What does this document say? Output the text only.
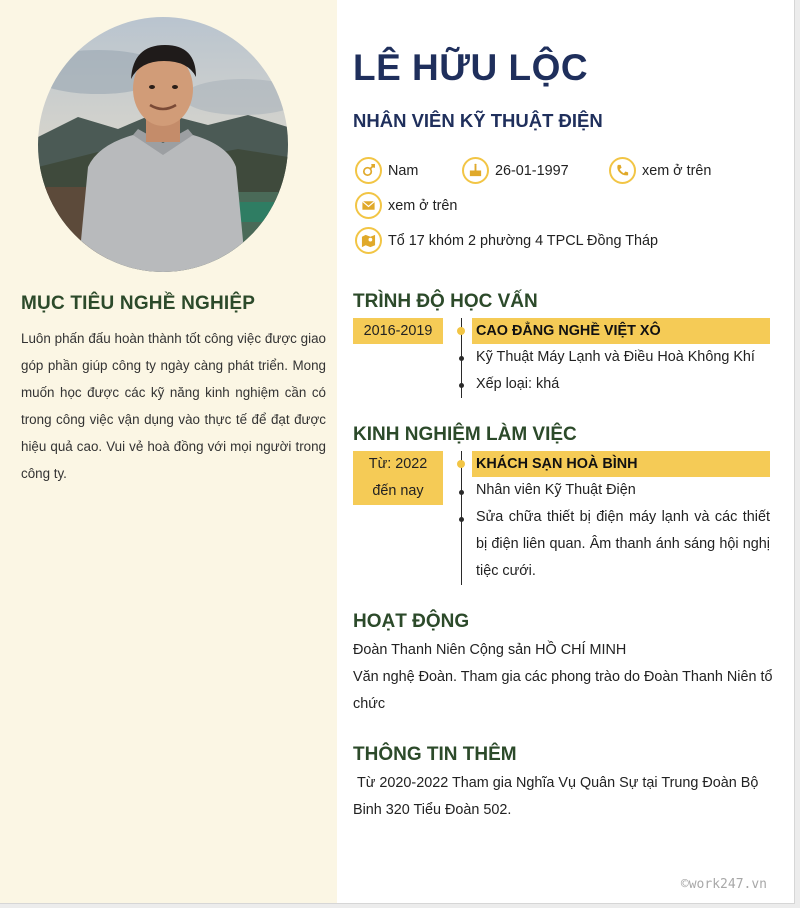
MỤC TIÊU NGHỀ NGHIỆP
Luôn phấn đấu hoàn thành tốt công việc được giao góp phần giúp công ty ngày càng phát triển. Mong muốn học được các kỹ năng kinh nghiệm cần có trong công việc vận dụng vào thực tế để đạt được hiệu quả cao. Vui vẻ hoà đồng với mọi người trong công ty.
LÊ HỮU LỘC
NHÂN VIÊN KỸ THUẬT ĐIỆN
Nam	26-01-1997	xem ở trên
xem ở trên
Tổ 17 khóm 2 phường 4 TPCL Đồng Tháp
TRÌNH ĐỘ HỌC VẤN
2016-2019	CAO ĐẲNG NGHỀ VIỆT XÔ
Kỹ Thuật Máy Lạnh và Điều Hoà Không Khí
Xếp loại: khá
KINH NGHIỆM LÀM VIỆC
Từ: 2022 đến nay
KHÁCH SẠN HOÀ BÌNH
Nhân viên Kỹ Thuật Điện
Sửa chữa thiết bị điện máy lạnh và các thiết bị điện liên quan. Âm thanh ánh sáng hội nghị tiệc cưới.
HOẠT ĐỘNG
Đoàn Thanh Niên Cộng sản HỒ CHÍ MINH
Văn nghệ Đoàn. Tham gia các phong trào do Đoàn Thanh Niên tổ chức
THÔNG TIN THÊM
Từ 2020-2022 Tham gia Nghĩa Vụ Quân Sự tại Trung Đoàn Bộ Binh 320 Tiểu Đoàn 502.
©work247.vn
